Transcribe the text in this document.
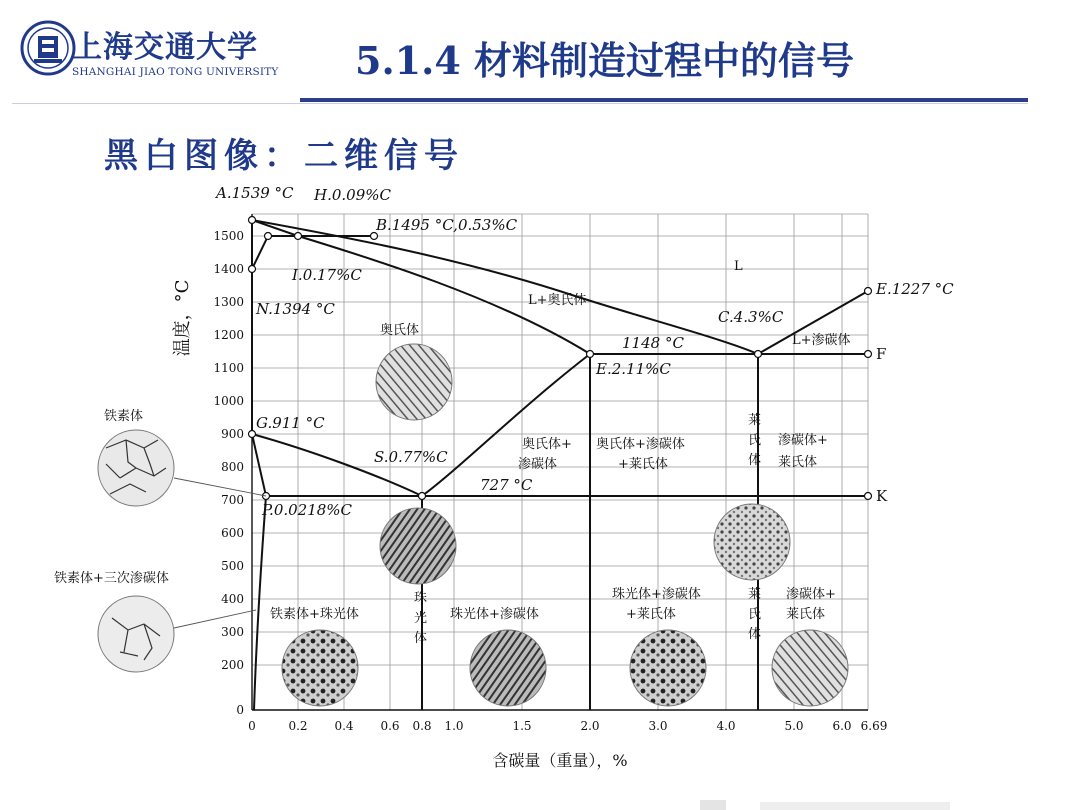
上海交通大学
SHANGHAI JIAO TONG UNIVERSITY 5.1.4 材料制造过程中的信号
黑白图像：二维信号
1500
1400
1300
1200
1100
1000
900
800
700
600
500
400
300
200
0
0	0.2 0.4 0.6 0.8 1.0	1.5	2.0	3.0	4.0	5.0 6.0 6.69
温度，°C
含碳量（重量），%
A.1539 °C H.0.09%C
B.1495 °C,0.53%C
I.0.17%C
N.1394 °C
E.1227 °C
C.4.3%C
1148 °C
F
E.2.11%C
G.911 °C
S.0.77%C
727 °C
K
P.0.0218%C
L
L+奥氏体
奥氏体
L+渗碳体
奥氏体+
渗碳体
奥氏体+渗碳体
+莱氏体
莱
氏
体
渗碳体+
莱氏体
铁素体+珠光体
珠
光
体
珠光体+渗碳体
珠光体+渗碳体
+莱氏体
莱
氏
体
渗碳体+
莱氏体
铁素体
铁素体+三次渗碳体
